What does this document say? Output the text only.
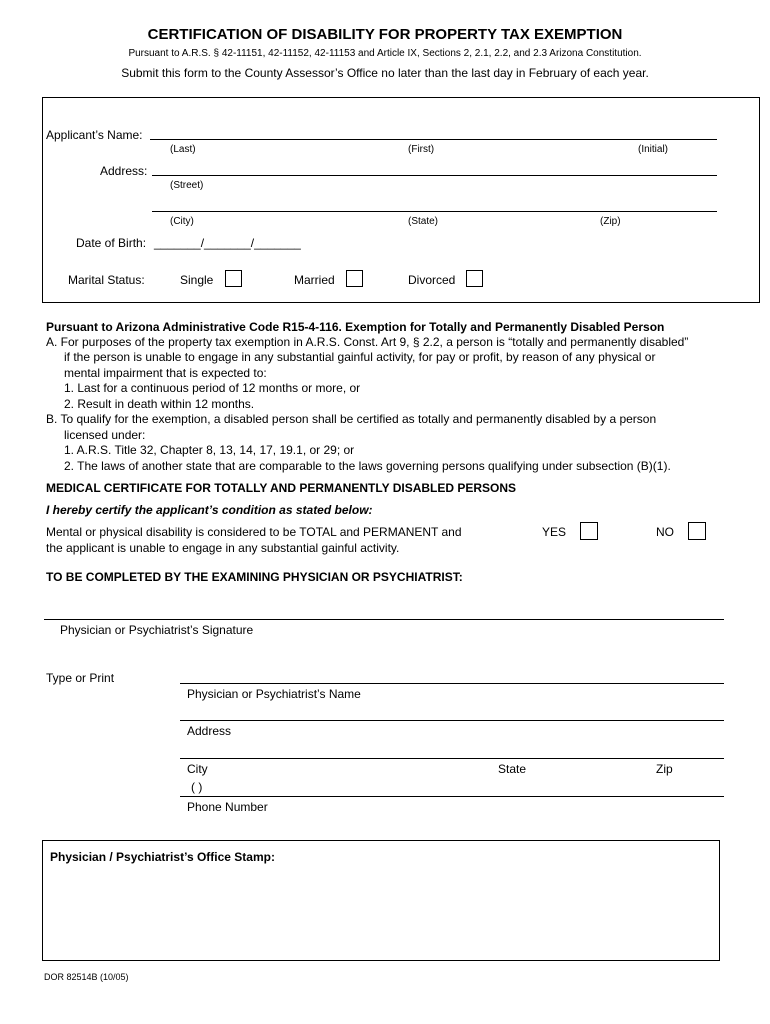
CERTIFICATION OF DISABILITY FOR PROPERTY TAX EXEMPTION
Pursuant to A.R.S. § 42-11151, 42-11152, 42-11153 and Article IX, Sections 2, 2.1, 2.2, and 2.3 Arizona Constitution.
Submit this form to the County Assessor’s Office no later than the last day in February of each year.
Applicant’s Name:
(Last)	(First)	(Initial)
Address:
(Street)
(City)	(State)	(Zip)
Date of Birth: _______/_______/_______
Marital Status:	Single	Married	Divorced
Pursuant to Arizona Administrative Code R15-4-116. Exemption for Totally and Permanently Disabled Person
A. For purposes of the property tax exemption in A.R.S. Const. Art 9, § 2.2, a person is “totally and permanently disabled”
if the person is unable to engage in any substantial gainful activity, for pay or profit, by reason of any physical or
mental impairment that is expected to:
1. Last for a continuous period of 12 months or more, or
2. Result in death within 12 months.
B. To qualify for the exemption, a disabled person shall be certified as totally and permanently disabled by a person
licensed under:
1. A.R.S. Title 32, Chapter 8, 13, 14, 17, 19.1, or 29; or
2. The laws of another state that are comparable to the laws governing persons qualifying under subsection (B)(1).
MEDICAL CERTIFICATE FOR TOTALLY AND PERMANENTLY DISABLED PERSONS
I hereby certify the applicant’s condition as stated below:
Mental or physical disability is considered to be TOTAL and PERMANENT and
the applicant is unable to engage in any substantial gainful activity.
YES	NO
TO BE COMPLETED BY THE EXAMINING PHYSICIAN OR PSYCHIATRIST:
Physician or Psychiatrist’s Signature
Type or Print
Physician or Psychiatrist’s Name
Address
City	State	Zip
( )
Phone Number
Physician / Psychiatrist’s Office Stamp:
DOR 82514B (10/05)
